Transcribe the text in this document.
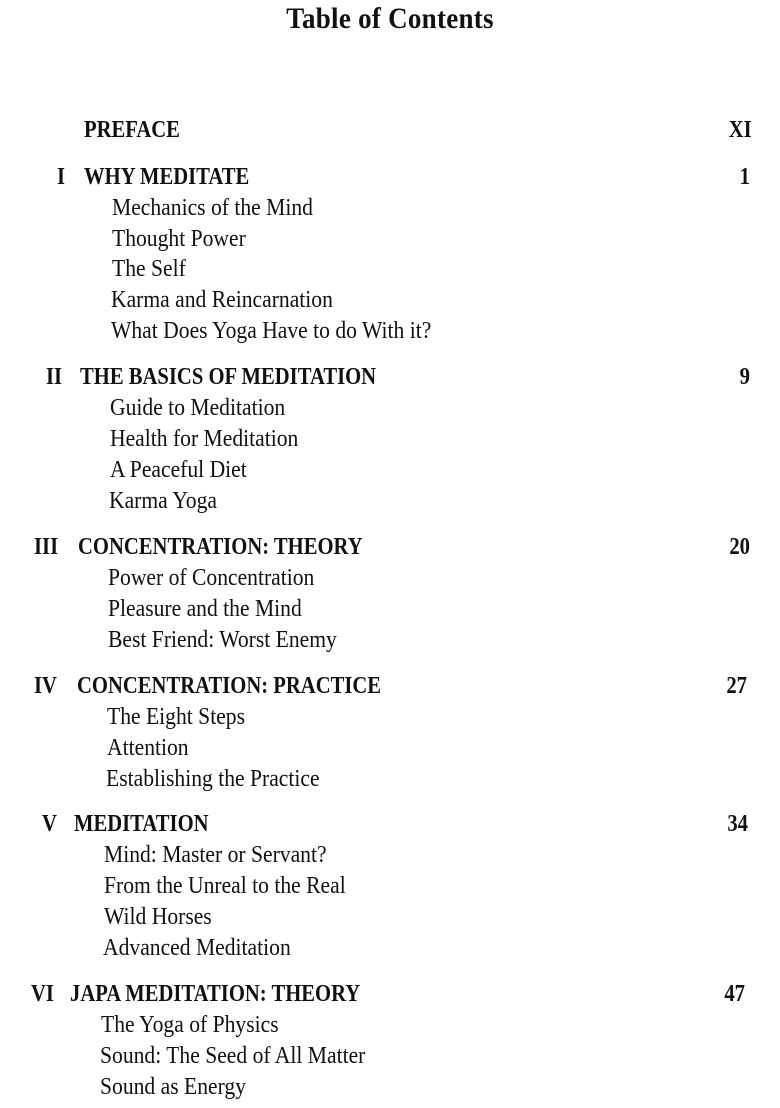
Table of Contents
PREFACE	XI
I WHY MEDITATE	1
Mechanics of the Mind
Thought Power
The Self
Karma and Reincarnation
What Does Yoga Have to do With it?
II THE BASICS OF MEDITATION	9
Guide to Meditation
Health for Meditation
A Peaceful Diet
Karma Yoga
III CONCENTRATION: THEORY	20
Power of Concentration
Pleasure and the Mind
Best Friend: Worst Enemy
IV CONCENTRATION: PRACTICE	27
The Eight Steps
Attention
Establishing the Practice
V MEDITATION	34
Mind: Master or Servant?
From the Unreal to the Real
Wild Horses
Advanced Meditation
VI JAPA MEDITATION: THEORY	47
The Yoga of Physics
Sound: The Seed of All Matter
Sound as Energy
